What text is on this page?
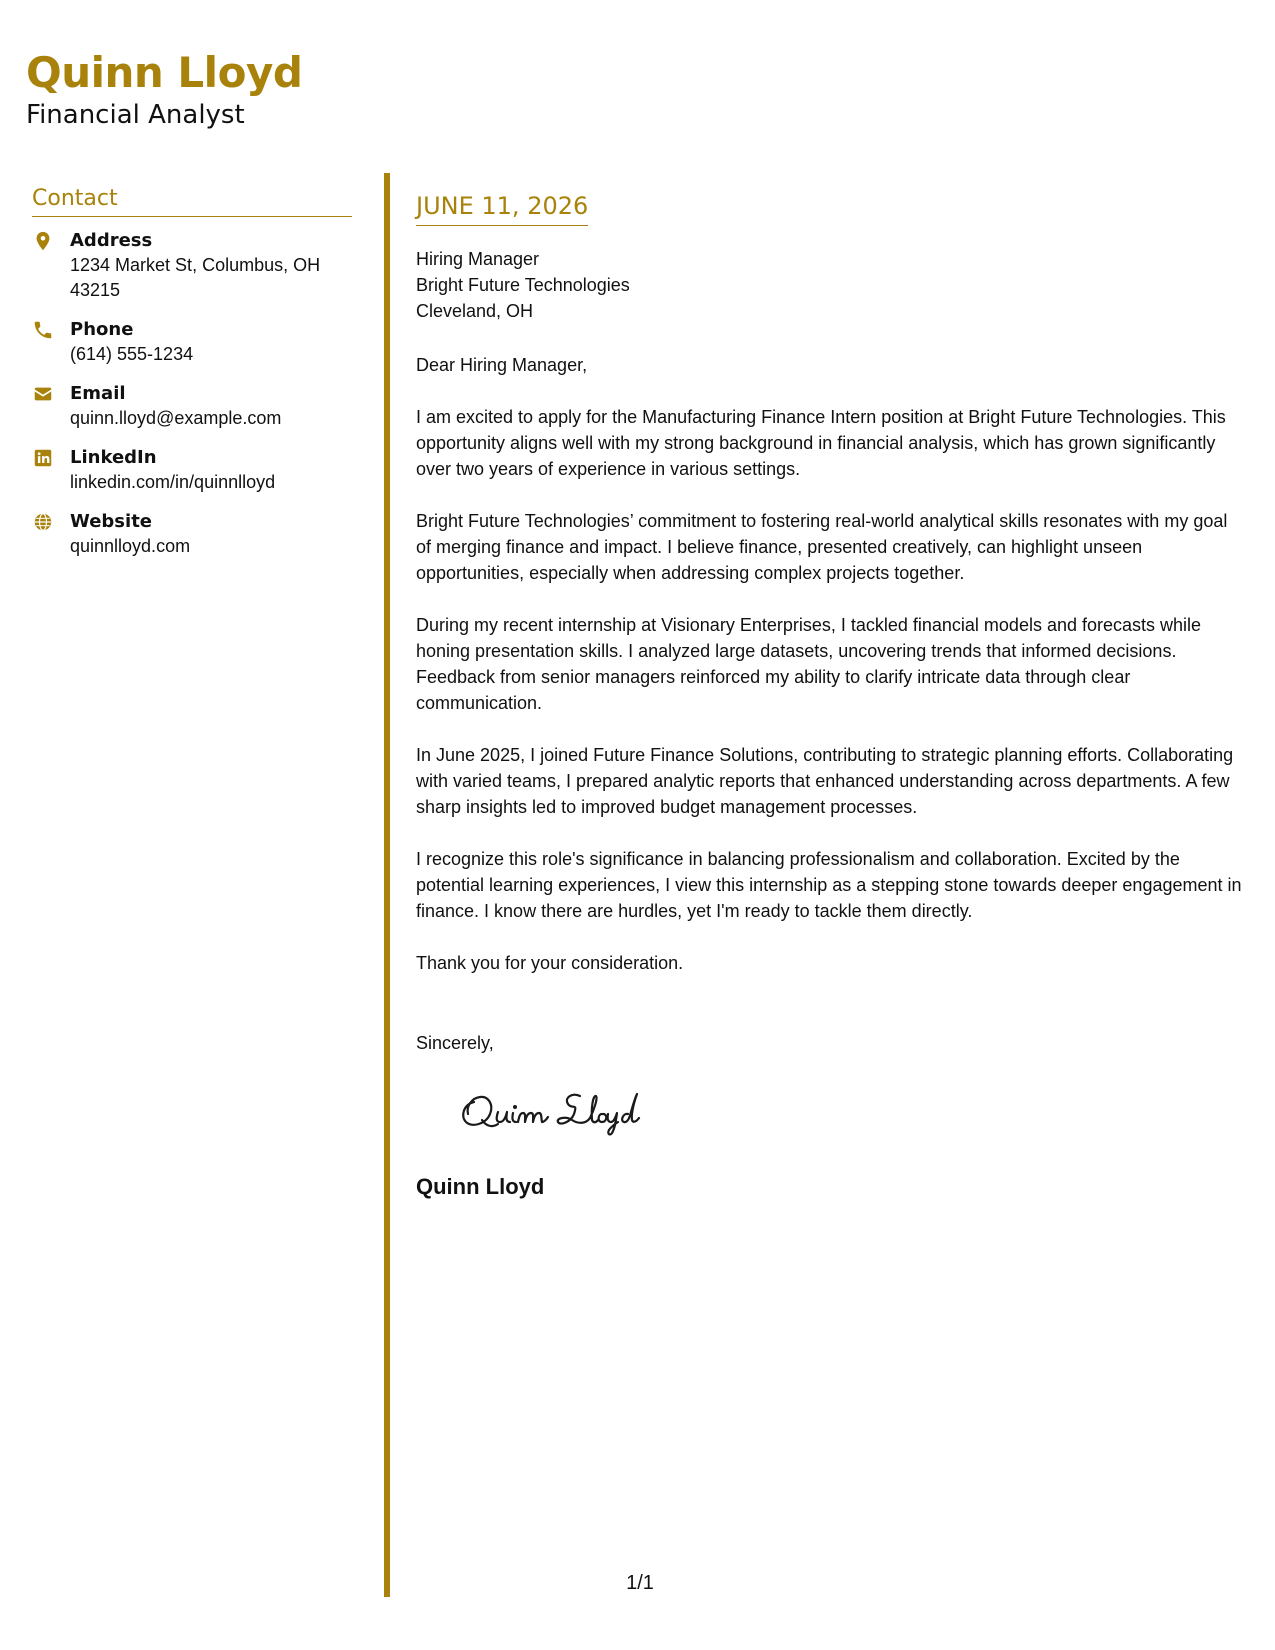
Quinn Lloyd
Financial Analyst
Contact
Address
1234 Market St, Columbus, OH 43215
Phone
(614) 555-1234
Email
quinn.lloyd@example.com
LinkedIn
linkedin.com/in/quinnlloyd
Website
quinnlloyd.com
JUNE 11, 2026
Hiring Manager
Bright Future Technologies
Cleveland, OH
Dear Hiring Manager,
I am excited to apply for the Manufacturing Finance Intern position at Bright Future Technologies. This opportunity aligns well with my strong background in financial analysis, which has grown significantly over two years of experience in various settings.
Bright Future Technologies’ commitment to fostering real-world analytical skills resonates with my goal of merging finance and impact. I believe finance, presented creatively, can highlight unseen opportunities, especially when addressing complex projects together.
During my recent internship at Visionary Enterprises, I tackled financial models and forecasts while honing presentation skills. I analyzed large datasets, uncovering trends that informed decisions. Feedback from senior managers reinforced my ability to clarify intricate data through clear communication.
In June 2025, I joined Future Finance Solutions, contributing to strategic planning efforts. Collaborating with varied teams, I prepared analytic reports that enhanced understanding across departments. A few sharp insights led to improved budget management processes.
I recognize this role's significance in balancing professionalism and collaboration. Excited by the potential learning experiences, I view this internship as a stepping stone towards deeper engagement in finance. I know there are hurdles, yet I'm ready to tackle them directly.
Thank you for your consideration.
Sincerely,
Quinn Lloyd
1/1
